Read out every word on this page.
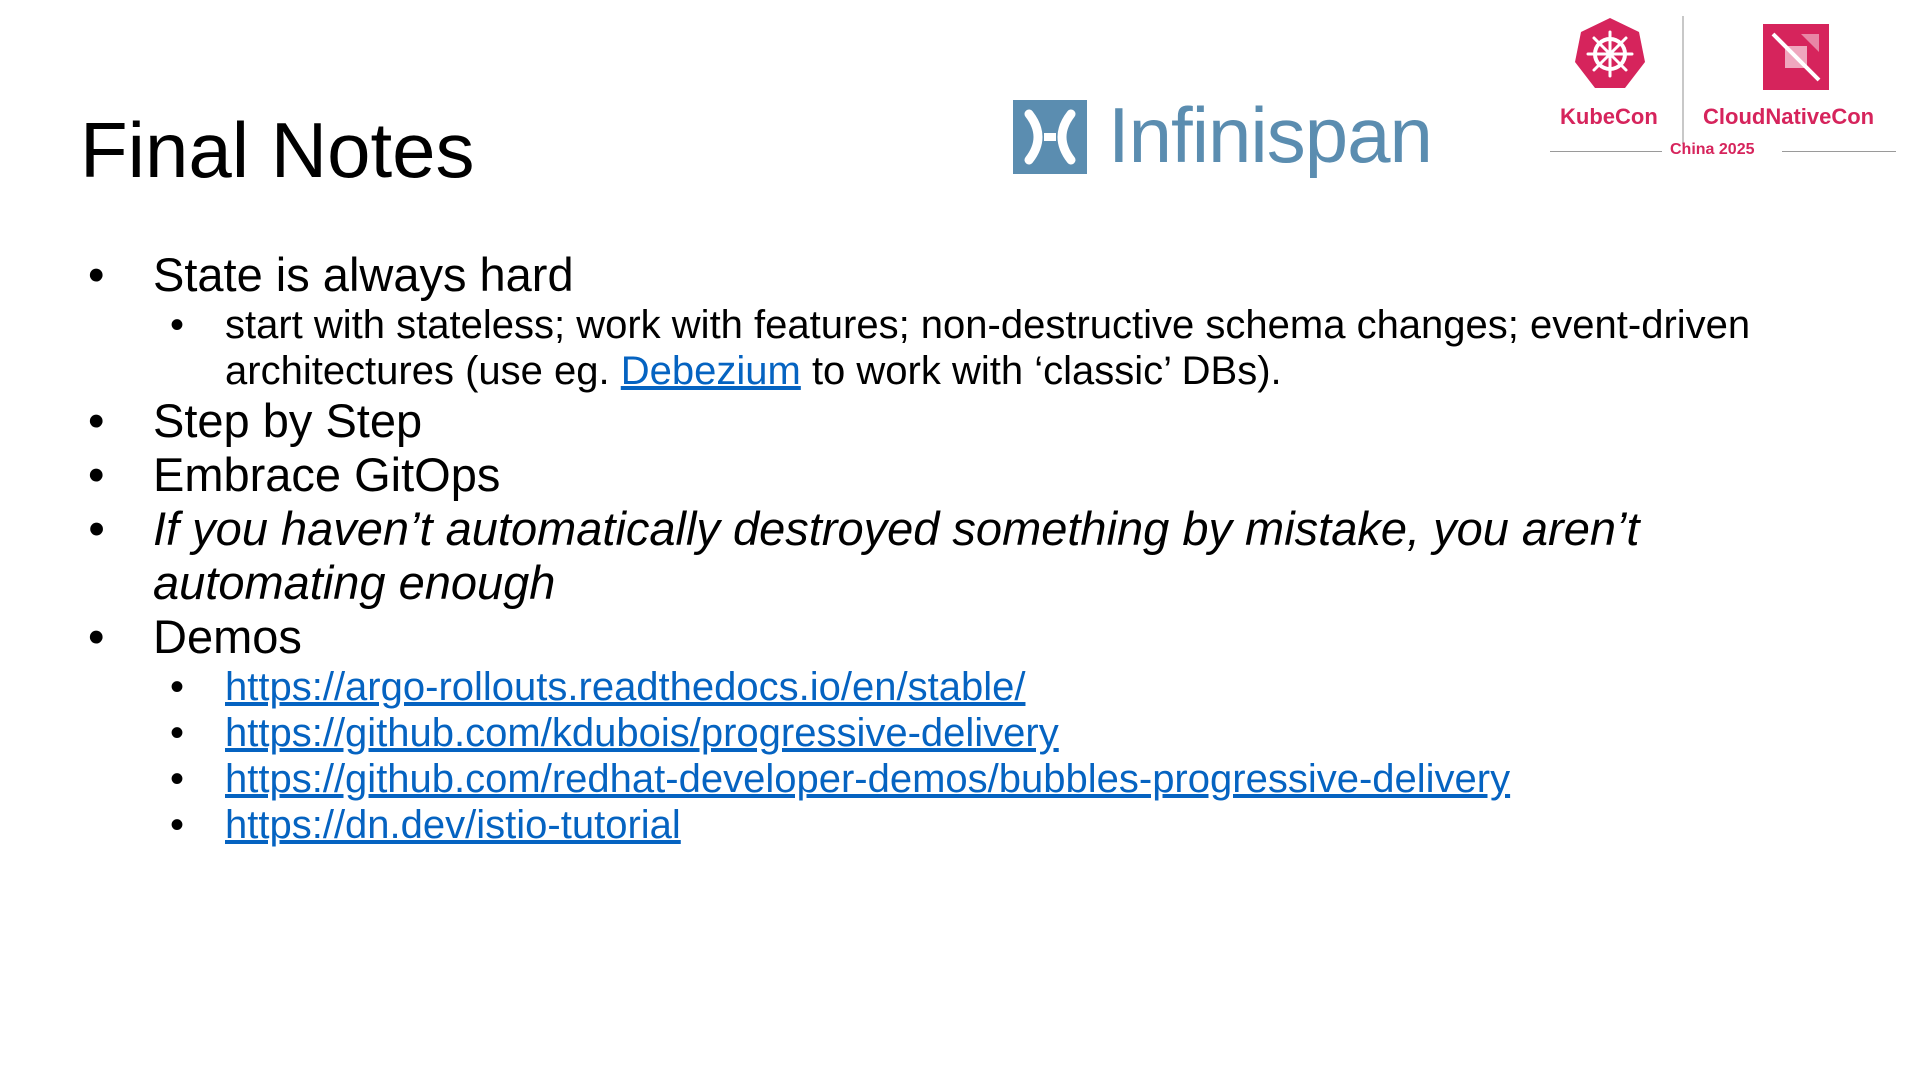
Final Notes	Infinispan	KubeCon CloudNativeCon
China 2025
•	State is always hard
• start with stateless; work with features; non-destructive schema changes; event-driven architectures (use eg. Debezium to work with ‘classic’ DBs).
•	Step by Step
•	Embrace GitOps
•	If you haven’t automatically destroyed something by mistake, you aren’t automating enough
•	Demos
• https://argo-rollouts.readthedocs.io/en/stable/
• https://github.com/kdubois/progressive-delivery
• https://github.com/redhat-developer-demos/bubbles-progressive-delivery
• https://dn.dev/istio-tutorial
